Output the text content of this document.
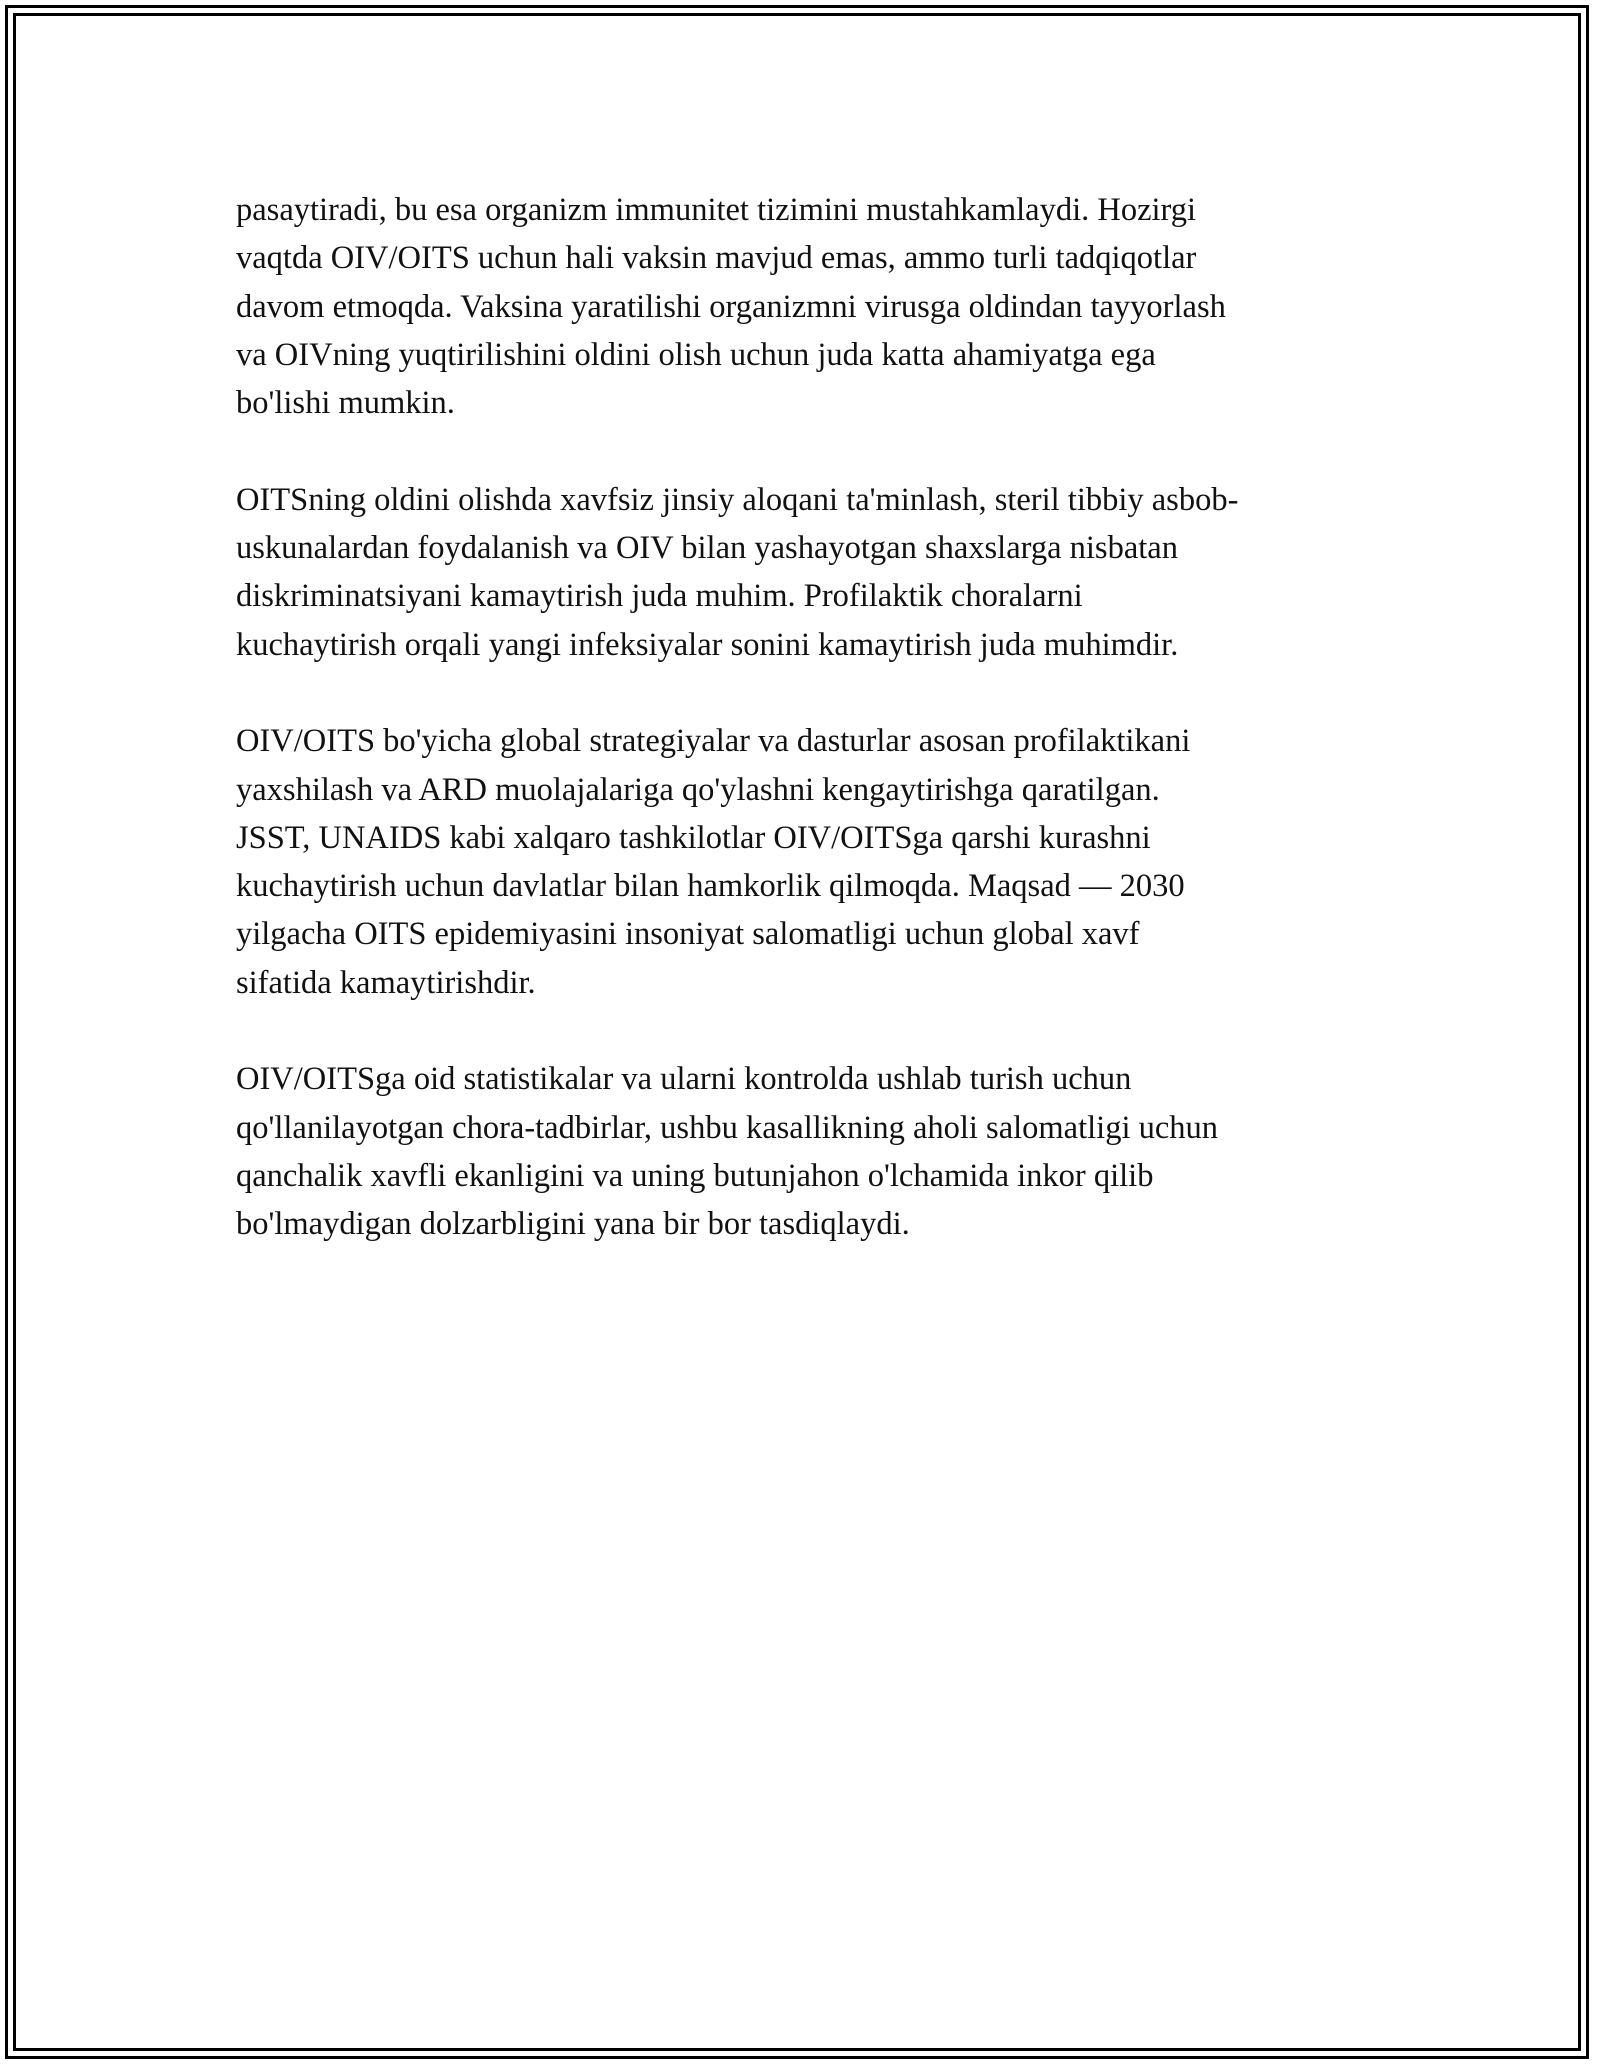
pasaytiradi, bu esa organizm immunitet tizimini mustahkamlaydi. Hozirgi
vaqtda OIV/OITS uchun hali vaksin mavjud emas, ammo turli tadqiqotlar
davom etmoqda. Vaksina yaratilishi organizmni virusga oldindan tayyorlash
va OIVning yuqtirilishini oldini olish uchun juda katta ahamiyatga ega
bo'lishi mumkin.

OITSning oldini olishda xavfsiz jinsiy aloqani ta'minlash, steril tibbiy asbob-
uskunalardan foydalanish va OIV bilan yashayotgan shaxslarga nisbatan
diskriminatsiyani kamaytirish juda muhim. Profilaktik choralarni
kuchaytirish orqali yangi infeksiyalar sonini kamaytirish juda muhimdir.

OIV/OITS bo'yicha global strategiyalar va dasturlar asosan profilaktikani
yaxshilash va ARD muolajalariga qo'ylashni kengaytirishga qaratilgan.
JSST, UNAIDS kabi xalqaro tashkilotlar OIV/OITSga qarshi kurashni
kuchaytirish uchun davlatlar bilan hamkorlik qilmoqda. Maqsad — 2030
yilgacha OITS epidemiyasini insoniyat salomatligi uchun global xavf
sifatida kamaytirishdir.

OIV/OITSga oid statistikalar va ularni kontrolda ushlab turish uchun
qo'llanilayotgan chora-tadbirlar, ushbu kasallikning aholi salomatligi uchun
qanchalik xavfli ekanligini va uning butunjahon o'lchamida inkor qilib
bo'lmaydigan dolzarbligini yana bir bor tasdiqlaydi.
